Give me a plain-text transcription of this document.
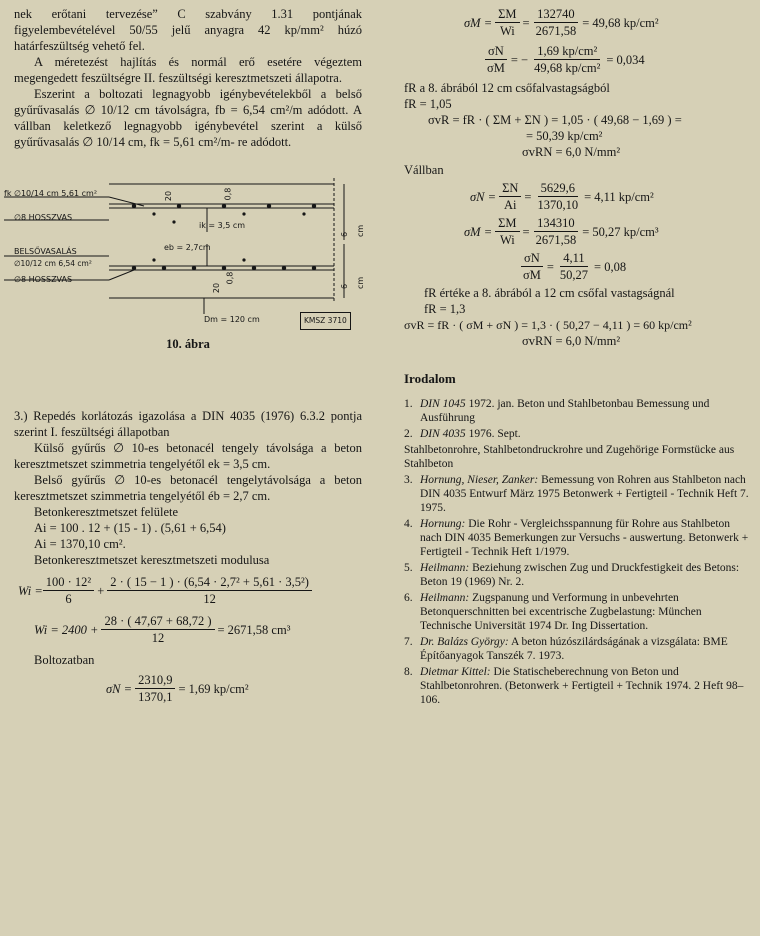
nek erőtani tervezése” C szabvány 1.31 pontjának figyelembevételével 50/55 jelű anyagra 42 kp/mm² húzó határfeszültség vehető fel.

A méretezést hajlítás és normál erő esetére végeztem megengedett feszültségre II. feszültségi keresztmetszeti állapotra.

Eszerint a boltozati legnagyobb igénybevételekből a belső gyűrűvasalás ∅ 10/12 cm távolságra, fb = 6,54 cm²/m adódott. A vállban keletkező legnagyobb igénybevétel szerint a külső gyűrűvasalás ∅ 10/14 cm, fk = 5,61 cm²/m- re adódott.

fk ∅10/14 cm 5,61 cm²
∅8 HOSSZVAS
BELSŐVASALÁS
∅10/12 cm 6,54 cm²
∅8 HOSSZVAS
ik = 3,5 cm
eb = 2,7cm
20	0,8
20
0,8
6 cm
6 cm
Dm = 120 cm	KMSZ 3710
10. ábra

3.) Repedés korlátozás igazolása a DIN 4035 (1976) 6.3.2 pontja szerint I. feszültségi állapotban

Külső gyűrűs ∅ 10-es betonacél tengely távolsága a beton keresztmetszet szimmetria tengelyétől ek = 3,5 cm.

Belső gyűrűs ∅ 10-es betonacél tengelytávolsága a beton keresztmetszet szimmetria tengelyétől éb = 2,7 cm.

Betonkeresztmetszet felülete

Ai = 100 . 12 + (15 - 1) . (5,61 + 6,54)

Ai = 1370,10 cm².

Betonkeresztmetszet keresztmetszeti modulusa

$Wi = \frac{\text{100 · 12²}}{6} + \frac{\text{2 · ( 15 − 1 ) · (6,54 · 2,7² + 5,61 · 3,5²)}}{12}$
$Wi = 2400 + \frac{28 \cdot ( 47,67 + 68,72 )}{12} = 2671,58$ cm³

Boltozatban

$\sigma N = \frac{2310,9}{1370,1} = 1,69$ kp/cm²
$\sigma M = \frac{\Sigma M}{Wi} = \frac{132740}{2671,58} = 49,68$ kp/cm²
$\frac{\sigma N}{\sigma M}$ = − $\frac{\text{1,69 kp/cm²}}{\text{49,68 kp/cm²}} = 0,034$

fR a 8. ábrából 12 cm csőfalvastagságból

fR = 1,05

σvR = fR · ( ΣM + ΣN ) = 1,05 · ( 49,68 − 1,69 ) =

= 50,39 kp/cm²

σvRN = 6,0 N/mm²

Vállban

$\sigma N = \frac{\Sigma N}{Ai} = \frac{5629,6}{1370,10} = 4,11$ kp/cm²
$\sigma M = \frac{\Sigma M}{Wi} = \frac{134310}{2671,58} = 50,27$ kp/cm³
$\frac{\sigma N}{\sigma M} = \frac{4,11}{50,27} = 0,08$

fR értéke a 8. ábrából a 12 cm csőfal vastagságnál

fR = 1,3

σvR = fR · ( σM + σN ) = 1,3 · ( 50,27 − 4,11 ) = 60 kp/cm²

σvRN = 6,0 N/mm²

Irodalom
1. DIN 1045 1972. jan. Beton und Stahlbetonbau Bemessung und Ausführung
2. DIN 4035 1976. Sept.
Stahlbetonrohre, Stahlbetondruckrohre und Zugehörige Formstücke aus Stahlbeton
3. Hornung, Nieser, Zanker: Bemessung von Rohren aus Stahlbeton nach DIN 4035 Entwurf März 1975 Betonwerk + Fertigteil - Technik Heft 7. 1975.
4. Hornung: Die Rohr - Vergleichsspannung für Rohre aus Stahlbeton nach DIN 4035 Bemerkungen zur Versuchs - auswertung. Betonwerk + Fertigteil - Technik Heft 1/1979.
5. Heilmann: Beziehung zwischen Zug und Druckfestigkeit des Betons: Beton 19 (1969) Nr. 2.
6. Heilmann: Zugspanung und Verformung in unbevehrten Betonquerschnitten bei excentrische Zugbelastung: München Technische Universität 1974 Dr. Ing Dissertation.
7. Dr. Balázs György: A beton húzószilárdságának a vizsgálata: BME Építőanyagok Tanszék 7. 1973.
8. Dietmar Kittel: Die Statischeberechnung von Beton und Stahlbetonrohren. (Betonwerk + Fertigteil + Technik 1974. 2 Heft 98–106.
